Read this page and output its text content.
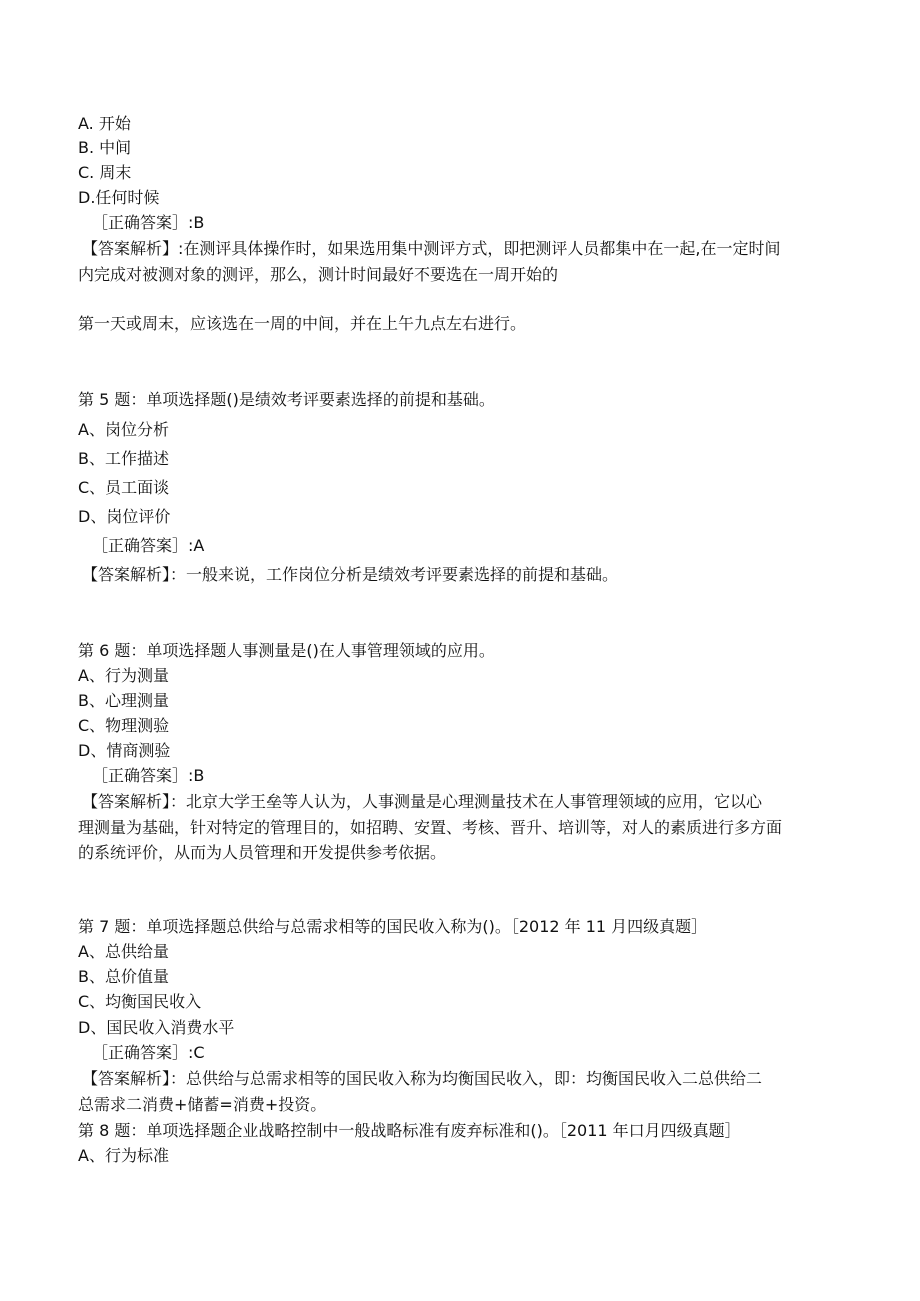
A. 开始
B. 中间
C. 周末
D.任何时候
［正确答案］:B
【答案解析】:在测评具体操作时，如果选用集中测评方式，即把测评人员都集中在一起,在一定时间
内完成对被测对象的测评，那么，测计时间最好不要选在一周开始的
第一天或周末，应该选在一周的中间，并在上午九点左右进行。
第 5 题：单项选择题()是绩效考评要素选择的前提和基础。
A、岗位分析
B、工作描述
C、员工面谈
D、岗位评价
［正确答案］:A
【答案解析】：一般来说，工作岗位分析是绩效考评要素选择的前提和基础。
第 6 题：单项选择题人事测量是()在人事管理领域的应用。
A、行为测量
B、心理测量
C、物理测验
D、情商测验
［正确答案］:B
【答案解析】：北京大学王垒等人认为，人事测量是心理测量技术在人事管理领域的应用，它以心
理测量为基础，针对特定的管理目的，如招聘、安置、考核、晋升、培训等，对人的素质进行多方面
的系统评价，从而为人员管理和开发提供参考依据。
第 7 题：单项选择题总供给与总需求相等的国民收入称为()。［2012 年 11 月四级真题］
A、总供给量
B、总价值量
C、均衡国民收入
D、国民收入消费水平
［正确答案］:C
【答案解析】：总供给与总需求相等的国民收入称为均衡国民收入，即：均衡国民收入二总供给二
总需求二消费+储蓄=消费+投资。
第 8 题：单项选择题企业战略控制中一般战略标准有废弃标准和()。［2011 年口月四级真题］
A、行为标准
